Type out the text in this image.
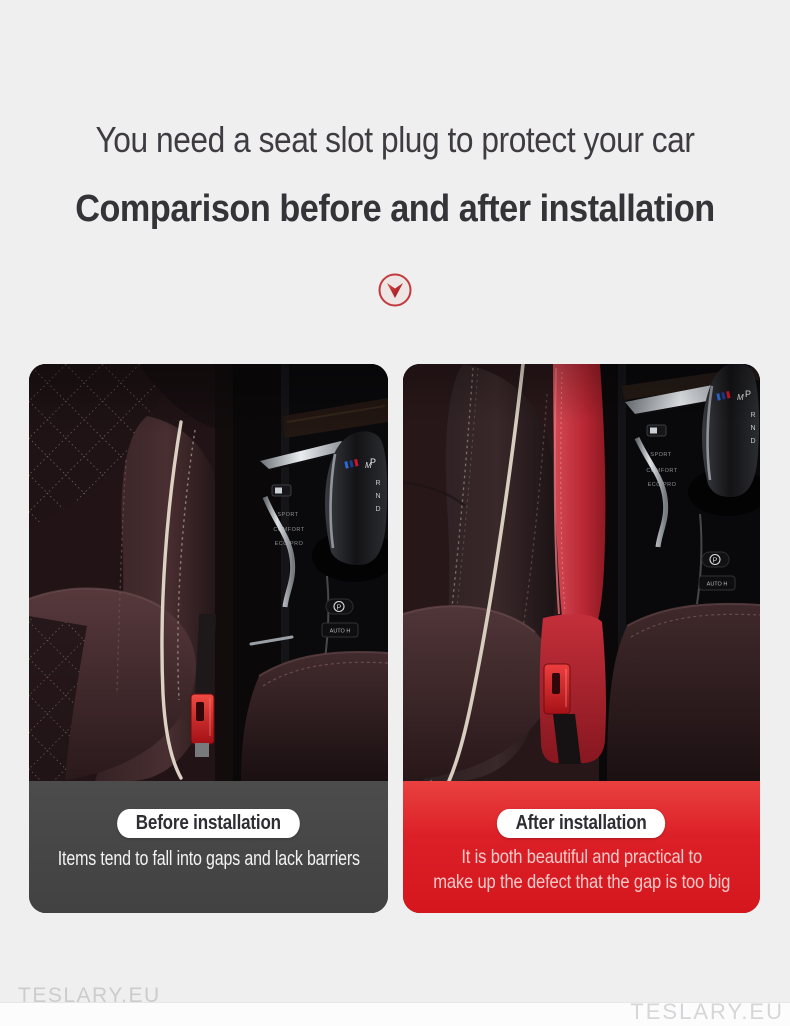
You need a seat slot plug to protect your car
Comparison before and after installation
P
R
N
D
M
SPORT
COMFORT
ECO PRO
P
AUTO H
Before installation
Items tend to fall into gaps and lack barriers
N
D
SPORT
COMFORT
ECO PRO
P
AUTO H
After installation
It is both beautiful and practical to
make up the defect that the gap is too big
TESLARY.EU
TESLARY.EU
